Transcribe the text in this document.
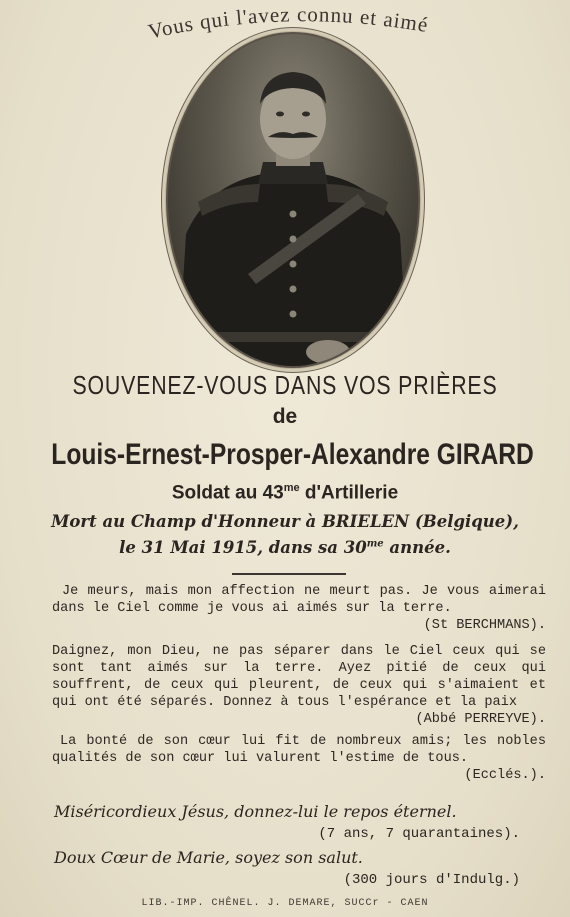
Vous qui l'avez connu et aimé
SOUVENEZ-VOUS DANS VOS PRIÈRES
de
Louis-Ernest-Prosper-Alexandre GIRARD
Soldat au $43^{me}$ d'Artillerie
Mort au Champ d'Honneur à BRIELEN (Belgique),
le 31 Mai 1915, dans sa $30^{me}$ année.
Je meurs, mais mon affection ne meurt pas. Je vous aimerai dans le Ciel comme je vous ai aimés sur la terre.
(St BERCHMANS).
Daignez, mon Dieu, ne pas séparer dans le Ciel ceux qui se sont tant aimés sur la terre. Ayez pitié de ceux qui souffrent, de ceux qui pleurent, de ceux qui s'aimaient et qui ont été séparés. Donnez à tous l'espérance et la paix
(Abbé PERREYVE).
La bonté de son cœur lui fit de nombreux amis; les nobles qualités de son cœur lui valurent l'estime de tous.
(Ecclés.).
Miséricordieux Jésus, donnez-lui le repos éternel.
(7 ans, 7 quarantaines).
Doux Cœur de Marie, soyez son salut.
(300 jours d'Indulg.)
LIB.-IMP. CHÊNEL. J. DEMARE, SUCCr - CAEN
